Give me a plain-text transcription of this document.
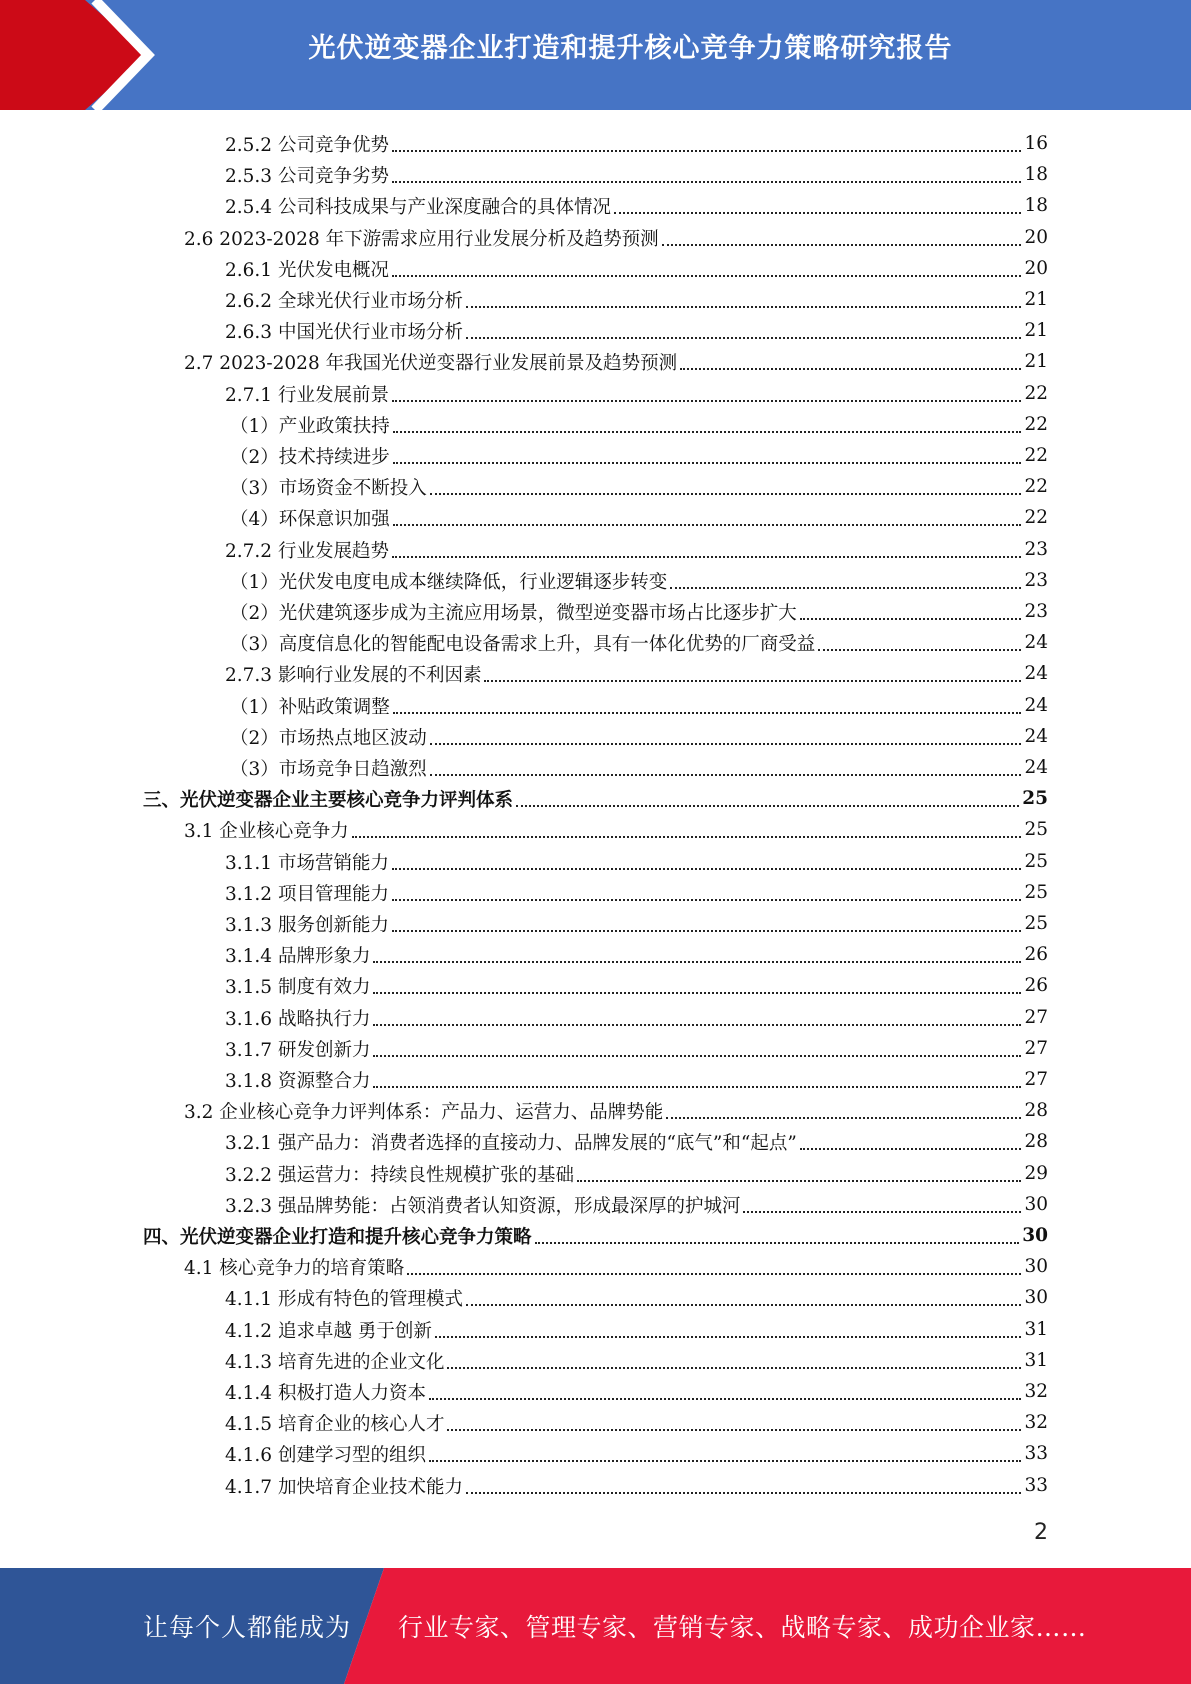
光伏逆变器企业打造和提升核心竞争力策略研究报告
2.5.2 公司竞争优势	16
2.5.3 公司竞争劣势	18
2.5.4 公司科技成果与产业深度融合的具体情况	18
2.6 2023-2028 年下游需求应用行业发展分析及趋势预测	20
2.6.1 光伏发电概况	20
2.6.2 全球光伏行业市场分析	21
2.6.3 中国光伏行业市场分析	21
2.7 2023-2028 年我国光伏逆变器行业发展前景及趋势预测	21
2.7.1 行业发展前景	22
（1）产业政策扶持	22
（2）技术持续进步	22
（3）市场资金不断投入	22
（4）环保意识加强	22
2.7.2 行业发展趋势	23
（1）光伏发电度电成本继续降低，行业逻辑逐步转变	23
（2）光伏建筑逐步成为主流应用场景，微型逆变器市场占比逐步扩大	23
（3）高度信息化的智能配电设备需求上升，具有一体化优势的厂商受益	24
2.7.3 影响行业发展的不利因素	24
（1）补贴政策调整	24
（2）市场热点地区波动	24
（3）市场竞争日趋激烈	24
三、光伏逆变器企业主要核心竞争力评判体系	25
3.1 企业核心竞争力	25
3.1.1 市场营销能力	25
3.1.2 项目管理能力	25
3.1.3 服务创新能力	25
3.1.4 品牌形象力	26
3.1.5 制度有效力	26
3.1.6 战略执行力	27
3.1.7 研发创新力	27
3.1.8 资源整合力	27
3.2 企业核心竞争力评判体系：产品力、运营力、品牌势能	28
3.2.1 强产品力：消费者选择的直接动力、品牌发展的“底气”和“起点”	28
3.2.2 强运营力：持续良性规模扩张的基础	29
3.2.3 强品牌势能：占领消费者认知资源，形成最深厚的护城河	30
四、光伏逆变器企业打造和提升核心竞争力策略	30
4.1 核心竞争力的培育策略	30
4.1.1 形成有特色的管理模式	30
4.1.2 追求卓越 勇于创新	31
4.1.3 培育先进的企业文化	31
4.1.4 积极打造人力资本	32
4.1.5 培育企业的核心人才	32
4.1.6 创建学习型的组织	33
4.1.7 加快培育企业技术能力	33
2
让每个人都能成为 行业专家、管理专家、营销专家、战略专家、成功企业家……
